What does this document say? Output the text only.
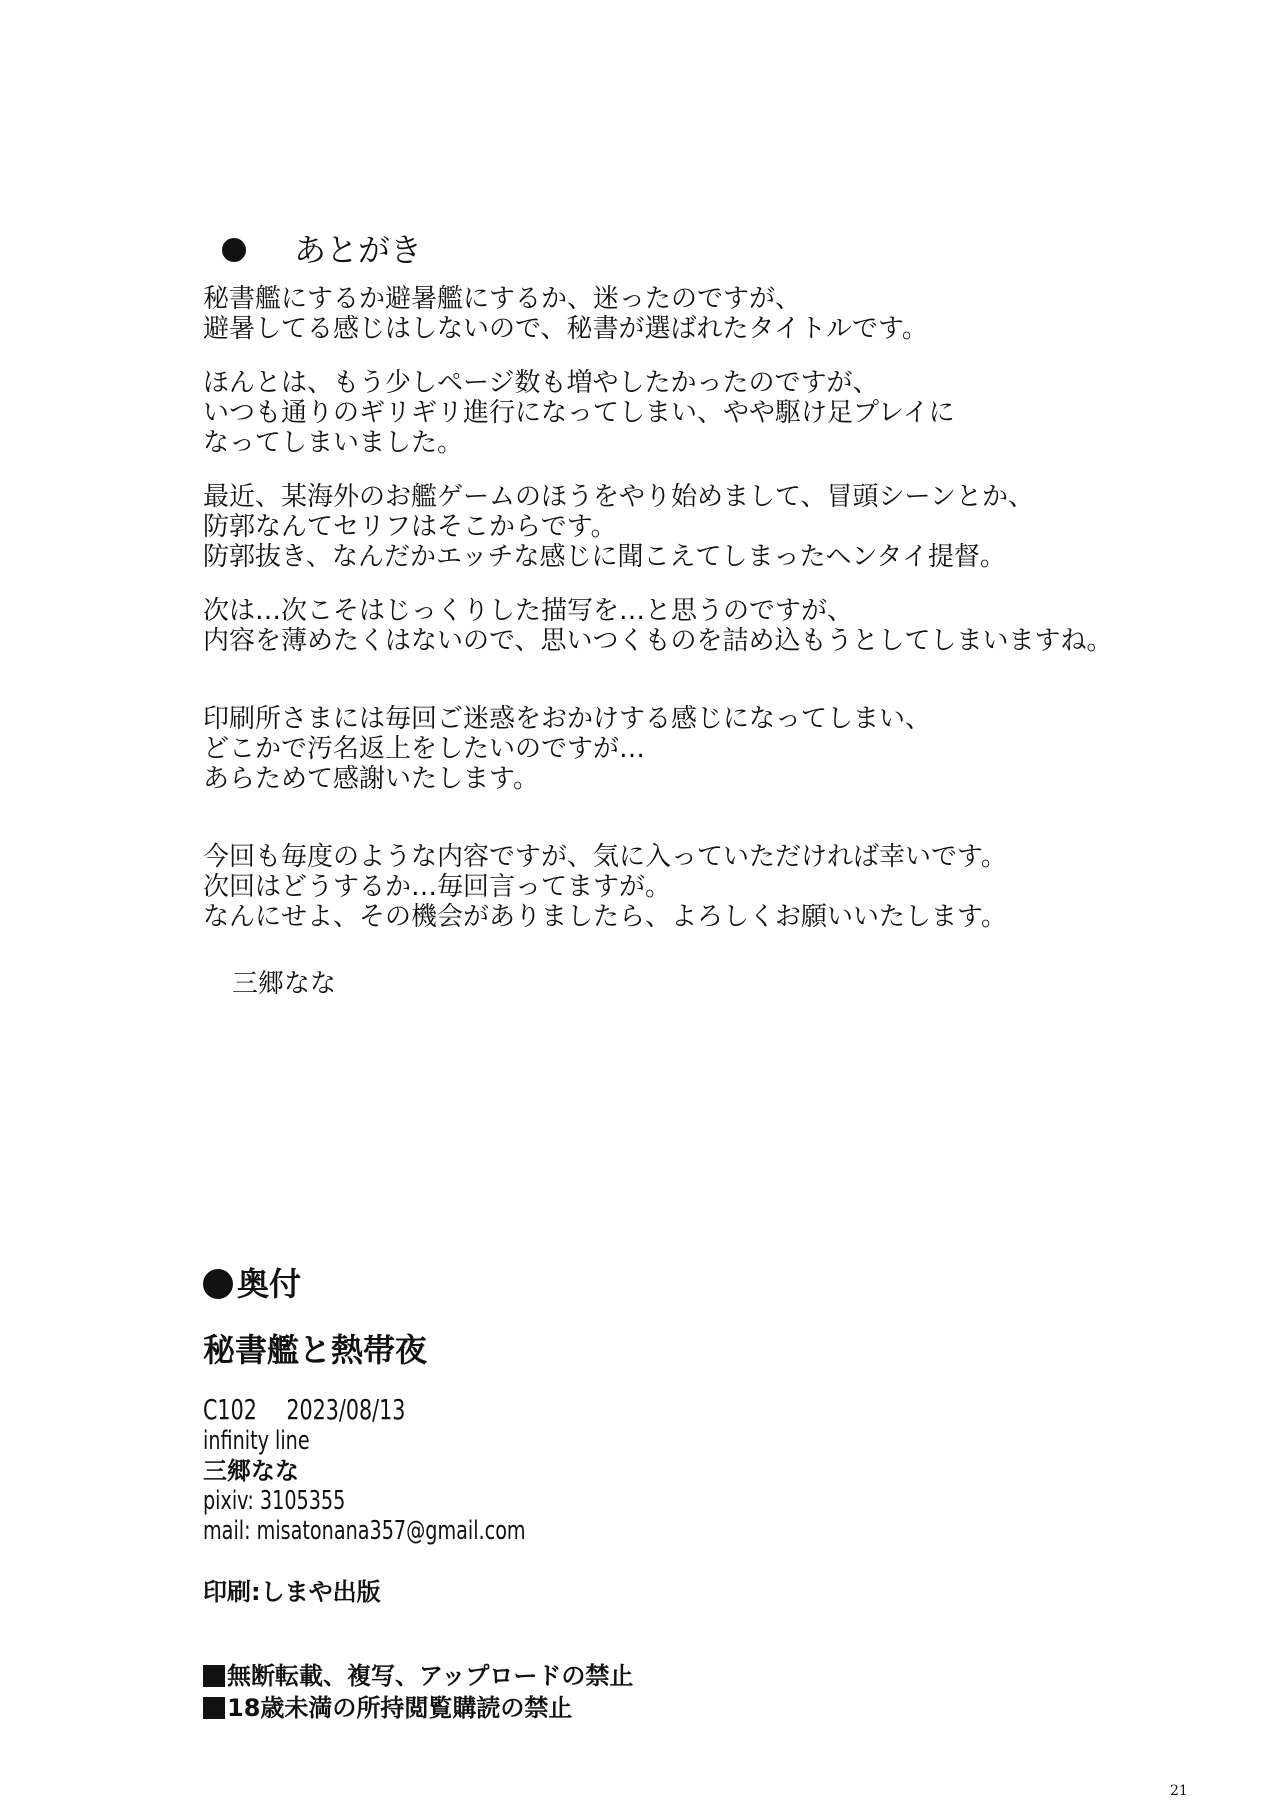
あとがき

秘書艦にするか避暑艦にするか、迷ったのですが、
避暑してる感じはしないので、秘書が選ばれたタイトルです。

ほんとは、もう少しページ数も増やしたかったのですが、
いつも通りのギリギリ進行になってしまい、やや駆け足プレイに
なってしまいました。

最近、某海外のお艦ゲームのほうをやり始めまして、冒頭シーンとか、
防郭なんてセリフはそこからです。
防郭抜き、なんだかエッチな感じに聞こえてしまったヘンタイ提督。

次は…次こそはじっくりした描写を…と思うのですが、
内容を薄めたくはないので、思いつくものを詰め込もうとしてしまいますね。

印刷所さまには毎回ご迷惑をおかけする感じになってしまい、
どこかで汚名返上をしたいのですが…
あらためて感謝いたします。

今回も毎度のような内容ですが、気に入っていただければ幸いです。
次回はどうするか…毎回言ってますが。
なんにせよ、その機会がありましたら、よろしくお願いいたします。

三郷なな
奥付
秘書艦と熱帯夜
C102 2023/08/13
infinity line
三郷なな
pixiv: 3105355
mail: misatonana357@gmail.com
印刷:しまや出版
無断転載、複写、アップロードの禁止
18歳未満の所持閲覧購読の禁止
21
